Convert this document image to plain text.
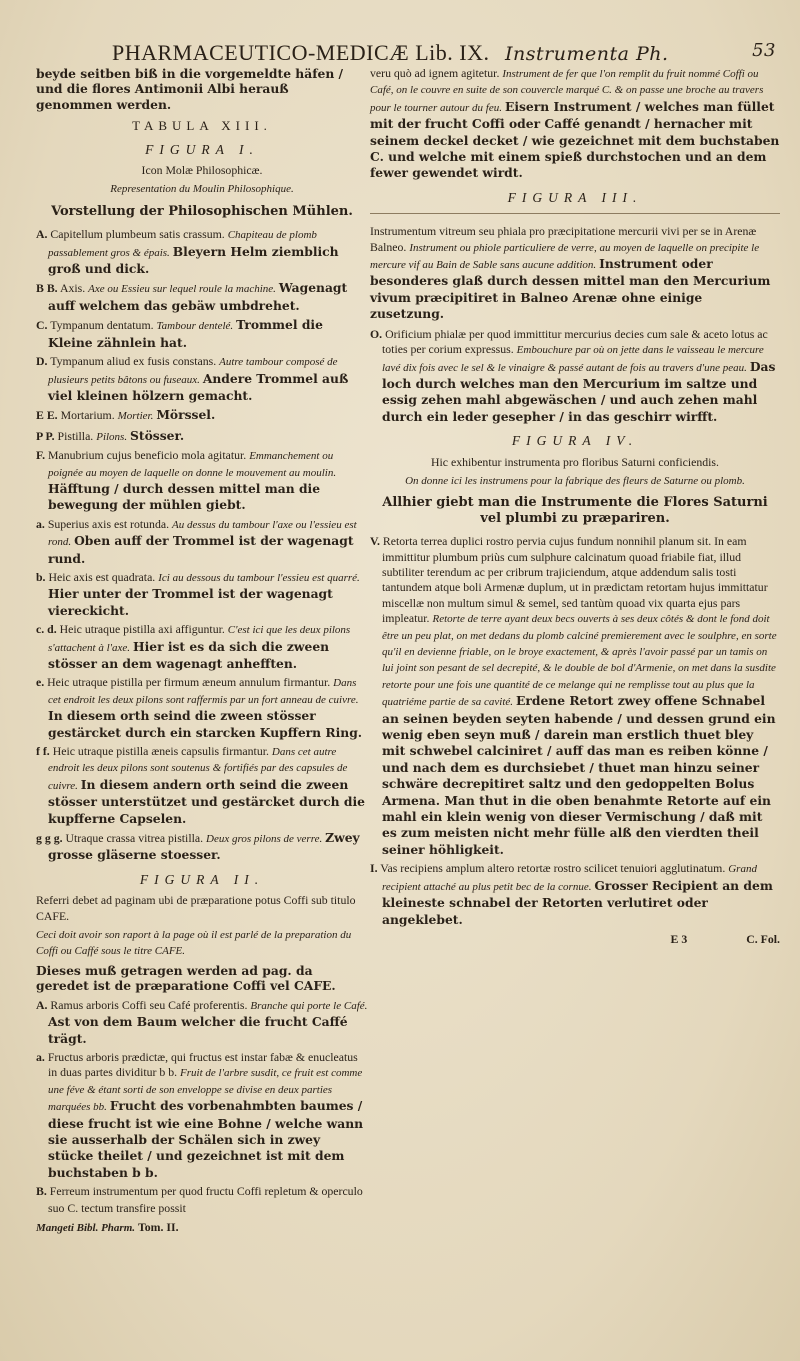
PHARMACEUTICO-MEDICÆ Lib. IX. Instrumenta Ph.	53

beyde seitben biß in die vorgemeldte häfen / und die flores Antimonii Albi herauß genommen werden.

TABULA XIII.

FIGURA I.

Icon Molæ Philosophicæ.

Representation du Moulin Philosophique.

Vorstellung der Philosophischen Mühlen.

A. Capitellum plumbeum satis crassum. Chapiteau de plomb passablement gros & épais. Bleyern Helm ziemblich groß und dick.

B B. Axis. Axe ou Essieu sur lequel roule la machine. Wagenagt auff welchem das gebäw umbdrehet.

C. Tympanum dentatum. Tambour dentelé. Trommel die Kleine zähnlein hat.

D. Tympanum aliud ex fusis constans. Autre tambour composé de plusieurs petits bâtons ou fuseaux. Andere Trommel auß viel kleinen hölzern gemacht.

E E. Mortarium. Mortier. Mörssel.

P P. Pistilla. Pilons. Stösser.

F. Manubrium cujus beneficio mola agitatur. Emmanchement ou poignée au moyen de laquelle on donne le mouvement au moulin. Häfftung / durch dessen mittel man die bewegung der mühlen giebt.

a. Superius axis est rotunda. Au dessus du tambour l'axe ou l'essieu est rond. Oben auff der Trommel ist der wagenagt rund.

b. Heic axis est quadrata. Ici au dessous du tambour l'essieu est quarré. Hier unter der Trommel ist der wagenagt viereckicht.

c. d. Heic utraque pistilla axi affiguntur. C'est ici que les deux pilons s'attachent à l'axe. Hier ist es da sich die zween stösser an dem wagenagt anhefften.

e. Heic utraque pistilla per firmum æneum annulum firmantur. Dans cet endroit les deux pilons sont raffermis par un fort anneau de cuivre. In diesem orth seind die zween stösser gestärcket durch ein starcken Kupffern Ring.

f f. Heic utraque pistilla æneis capsulis firmantur. Dans cet autre endroit les deux pilons sont soutenus & fortifiés par des capsules de cuivre. In diesem andern orth seind die zween stösser unterstützet und gestärcket durch die kupfferne Capselen.

g g g. Utraque crassa vitrea pistilla. Deux gros pilons de verre. Zwey grosse gläserne stoesser.

FIGURA II.

Referri debet ad paginam ubi de præparatione potus Coffi sub titulo CAFE.

Ceci doit avoir son raport à la page où il est parlé de la preparation du Coffi ou Caffé sous le titre CAFE.

Dieses muß getragen werden ad pag. da geredet ist de præparatione Coffi vel CAFE.

A. Ramus arboris Coffi seu Café proferentis. Branche qui porte le Café. Ast von dem Baum welcher die frucht Caffé trägt.

a. Fructus arboris prædictæ, qui fructus est instar fabæ & enucleatus in duas partes dividitur b b. Fruit de l'arbre susdit, ce fruit est comme une féve & étant sorti de son enveloppe se divise en deux parties marquées bb. Frucht des vorbenahmbten baumes / diese frucht ist wie eine Bohne / welche wann sie ausserhalb der Schälen sich in zwey stücke theilet / und gezeichnet ist mit dem buchstaben b b.

B. Ferreum instrumentum per quod fructu Coffi repletum & operculo suo C. tectum transfire possit

Mangeti Bibl. Pharm. Tom. II.

veru quò ad ignem agitetur. Instrument de fer que l'on remplit du fruit nommé Coffi ou Café, on le couvre en suite de son couvercle marqué C. & on passe une broche au travers pour le tourner autour du feu. Eisern Instrument / welches man füllet mit der frucht Coffi oder Caffé genandt / hernacher mit seinem deckel decket / wie gezeichnet mit dem buchstaben C. und welche mit einem spieß durchstochen und an dem fewer gewendet wirdt.

FIGURA III.

Instrumentum vitreum seu phiala pro præcipitatione mercurii vivi per se in Arenæ Balneo. Instrument ou phiole particuliere de verre, au moyen de laquelle on precipite le mercure vif au Bain de Sable sans aucune addition. Instrument oder besonderes glaß durch dessen mittel man den Mercurium vivum præcipitiret in Balneo Arenæ ohne einige zusetzung.

O. Orificium phialæ per quod immittitur mercurius decies cum sale & aceto lotus ac toties per corium expressus. Embouchure par où on jette dans le vaisseau le mercure lavé dix fois avec le sel & le vinaigre & passé autant de fois au travers d'une peau. Das loch durch welches man den Mercurium im saltze und essig zehen mahl abgewäschen / und auch zehen mahl durch ein leder gesepher / in das geschirr wirfft.

FIGURA IV.

Hic exhibentur instrumenta pro floribus Saturni conficiendis.

On donne ici les instrumens pour la fabrique des fleurs de Saturne ou plomb.

Allhier giebt man die Instrumente die Flores Saturni vel plumbi zu præpariren.

V. Retorta terrea duplici rostro pervia cujus fundum nonnihil planum sit. In eam immittitur plumbum priùs cum sulphure calcinatum quoad friabile fiat, illud subtiliter terendum ac per cribrum trajiciendum, atque addendum salis tosti tantundem atque boli Armenæ duplum, ut in prædictam retortam hujus immittatur miscellæ non multum simul & semel, sed tantùm quoad vix quarta ejus pars impleatur. Retorte de terre ayant deux becs ouverts à ses deux côtés & dont le fond doit être un peu plat, on met dedans du plomb calciné premierement avec le soulphre, en sorte qu'il en devienne friable, on le broye exactement, & après l'avoir passé par un tamis on lui joint son pesant de sel decrepité, & le double de bol d'Armenie, on met dans la susdite retorte pour une fois une quantité de ce melange qui ne remplisse tout au plus que la quatriéme partie de sa cavité. Erdene Retort zwey offene Schnabel an seinen beyden seyten habende / und dessen grund ein wenig eben seyn muß / darein man erstlich thuet bley mit schwebel calciniret / auff das man es reiben könne / und nach dem es durchsiebet / thuet man hinzu seiner schwäre decrepitiret saltz und den gedoppelten Bolus Armena. Man thut in die oben benahmte Retorte auf ein mahl ein klein wenig von dieser Vermischung / daß mit es zum meisten nicht mehr fülle alß den vierdten theil seiner höhligkeit.

I. Vas recipiens amplum altero retortæ rostro scilicet tenuiori agglutinatum. Grand recipient attaché au plus petit bec de la cornue. Grosser Recipient an dem kleineste schnabel der Retorten verlutiret oder angeklebet.

E 3	C. Fol.
